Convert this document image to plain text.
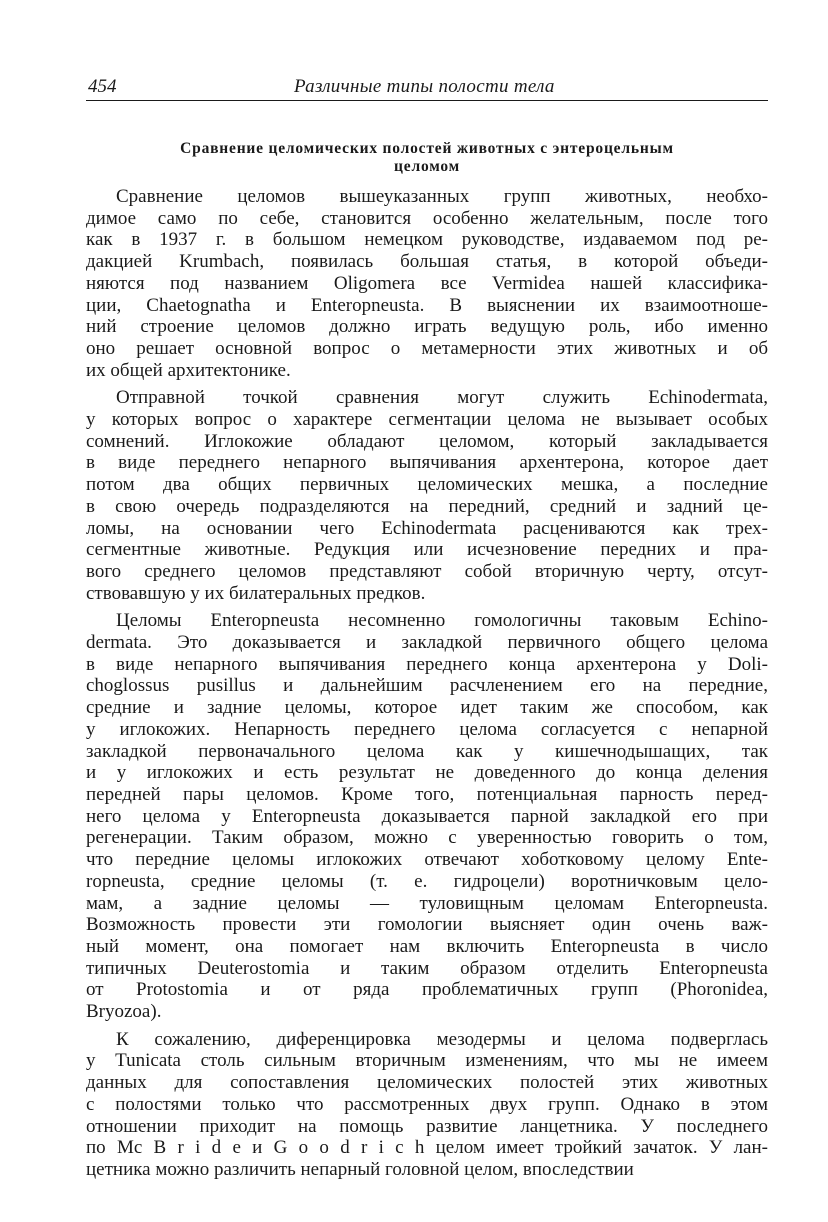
454	Различные типы полости тела
Сравнение целомических полостей животных с энтероцельным
целомом
Сравнение целомов вышеуказанных групп животных, необхо-
димое само по себе, становится особенно желательным, после того
как в 1937 г. в большом немецком руководстве, издаваемом под ре-
дакцией Krumbach, появилась большая статья, в которой объеди-
няются под названием Oligomera все Vermidea нашей классифика-
ции, Chaetognatha и Enteropneusta. В выяснении их взаимоотноше-
ний строение целомов должно играть ведущую роль, ибо именно
оно решает основной вопрос о метамерности этих животных и об
их общей архитектонике.
Отправной точкой сравнения могут служить Echinodermata,
у которых вопрос о характере сегментации целома не вызывает особых
сомнений. Иглокожие обладают целомом, который закладывается
в виде переднего непарного выпячивания архентерона, которое дает
потом два общих первичных целомических мешка, а последние
в свою очередь подразделяются на передний, средний и задний це-
ломы, на основании чего Echinodermata расцениваются как трех-
сегментные животные. Редукция или исчезновение передних и пра-
вого среднего целомов представляют собой вторичную черту, отсут-
ствовавшую у их билатеральных предков.
Целомы Enteropneusta несомненно гомологичны таковым Echino-
dermata. Это доказывается и закладкой первичного общего целома
в виде непарного выпячивания переднего конца архентерона у Doli-
choglossus pusillus и дальнейшим расчленением его на передние,
средние и задние целомы, которое идет таким же способом, как
у иглокожих. Непарность переднего целома согласуется с непарной
закладкой первоначального целома как у кишечнодышащих, так
и у иглокожих и есть результат не доведенного до конца деления
передней пары целомов. Кроме того, потенциальная парность перед-
него целома у Enteropneusta доказывается парной закладкой его при
регенерации. Таким образом, можно с уверенностью говорить о том,
что передние целомы иглокожих отвечают хоботковому целому Ente-
ropneusta, средние целомы (т. е. гидроцели) воротничковым цело-
мам, а задние целомы — туловищным целомам Enteropneusta.
Возможность провести эти гомологии выясняет один очень важ-
ный момент, она помогает нам включить Enteropneusta в число
типичных Deuterostomia и таким образом отделить Enteropneusta
от Protostomia и от ряда проблематичных групп (Phoronidea,
Bryozoa).
К сожалению, диференцировка мезодермы и целома подверглась
у Tunicata столь сильным вторичным изменениям, что мы не имеем
данных для сопоставления целомических полостей этих животных
с полостями только что рассмотренных двух групп. Однако в этом
отношении приходит на помощь развитие ланцетника. У последнего
по Mc B r i d e и G o o d r i c h целом имеет тройкий зачаток. У лан-
цетника можно различить непарный головной целом, впоследствии
